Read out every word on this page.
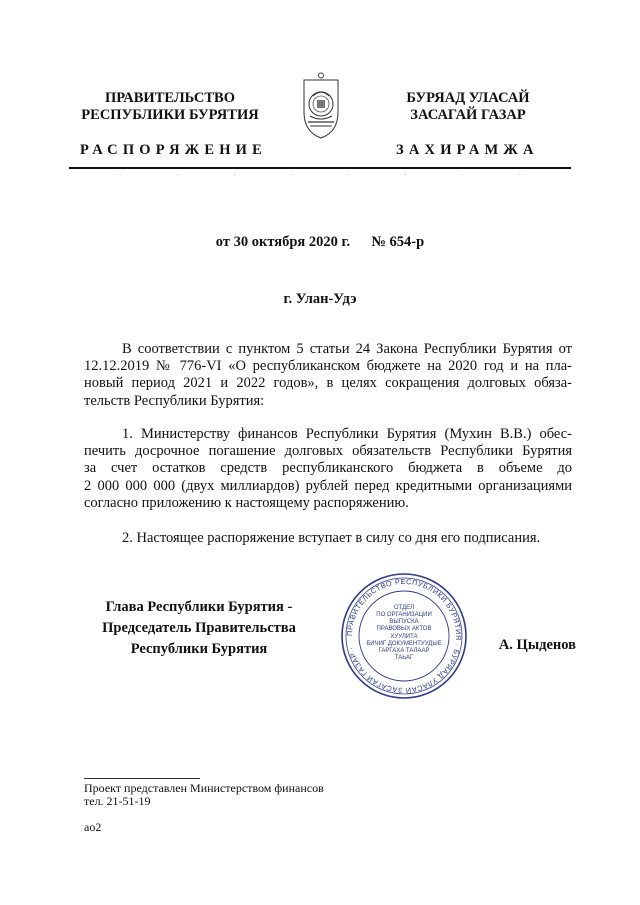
ПРАВИТЕЛЬСТВО
РЕСПУБЛИКИ БУРЯТИЯ
БУРЯАД УЛАСАЙ
ЗАСАГАЙ ГАЗАР
РАСПОРЯЖЕНИЕ	ЗАХИРАМЖА
·	·	·	·	·	·	·	·
от 30 октября 2020 г. № 654-р
г. Улан-Удэ
В соответствии с пунктом 5 статьи 24 Закона Республики Бурятия от
12.12.2019 № 776-VI «О республиканском бюджете на 2020 год и на пла-
новый период 2021 и 2022 годов», в целях сокращения долговых обяза-
тельств Республики Бурятия:
1. Министерству финансов Республики Бурятия (Мухин В.В.) обес-
печить досрочное погашение долговых обязательств Республики Бурятия
за счет остатков средств республиканского бюджета в объеме до
2 000 000 000 (двух миллиардов) рублей перед кредитными организациями
согласно приложению к настоящему распоряжению.
2. Настоящее распоряжение вступает в силу со дня его подписания.
Глава Республики Бурятия -
Председатель Правительства
Республики Бурятия
ПРАВИТЕЛЬСТВО РЕСПУБЛИКИ БУРЯТИЯ · БУРЯАД УЛАСАЙ ЗАСАГАЙ ГАЗАР ·
ОТДЕЛ
ПО ОРГАНИЗАЦИИ
ВЫПУСКА
ПРАВОВЫХ АКТОВ
ХУУЛИТА
БИЧИГ ДОКУМЕНТУУДЫЕ
ГАРГАХА ТАЛААР
ТАЬАГ
А. Цыденов
Проект представлен Министерством финансов
тел. 21-51-19
ао2
